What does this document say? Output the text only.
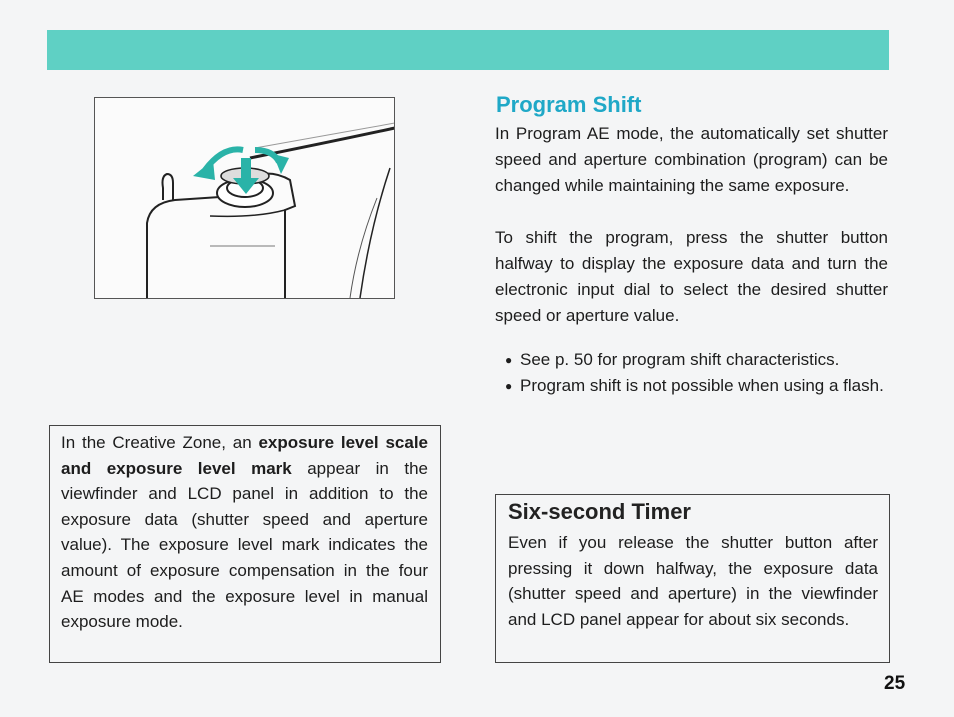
Program Shift

In Program AE mode, the automatically set shutter speed and aperture combination (program) can be changed while maintaining the same exposure.

To shift the program, press the shutter button halfway to display the exposure data and turn the electronic input dial to select the desired shutter speed or aperture value.

● See p. 50 for program shift characteristics.
● Program shift is not possible when using a flash.

In the Creative Zone, an exposure level scale and exposure level mark appear in the viewfinder and LCD panel in addition to the exposure data (shutter speed and aperture value). The exposure level mark indicates the amount of exposure compensation in the four AE modes and the exposure level in manual exposure mode.

Six-second Timer

Even if you release the shutter button after pressing it down halfway, the exposure data (shutter speed and aperture) in the viewfinder and LCD panel appear for about six seconds.

25
